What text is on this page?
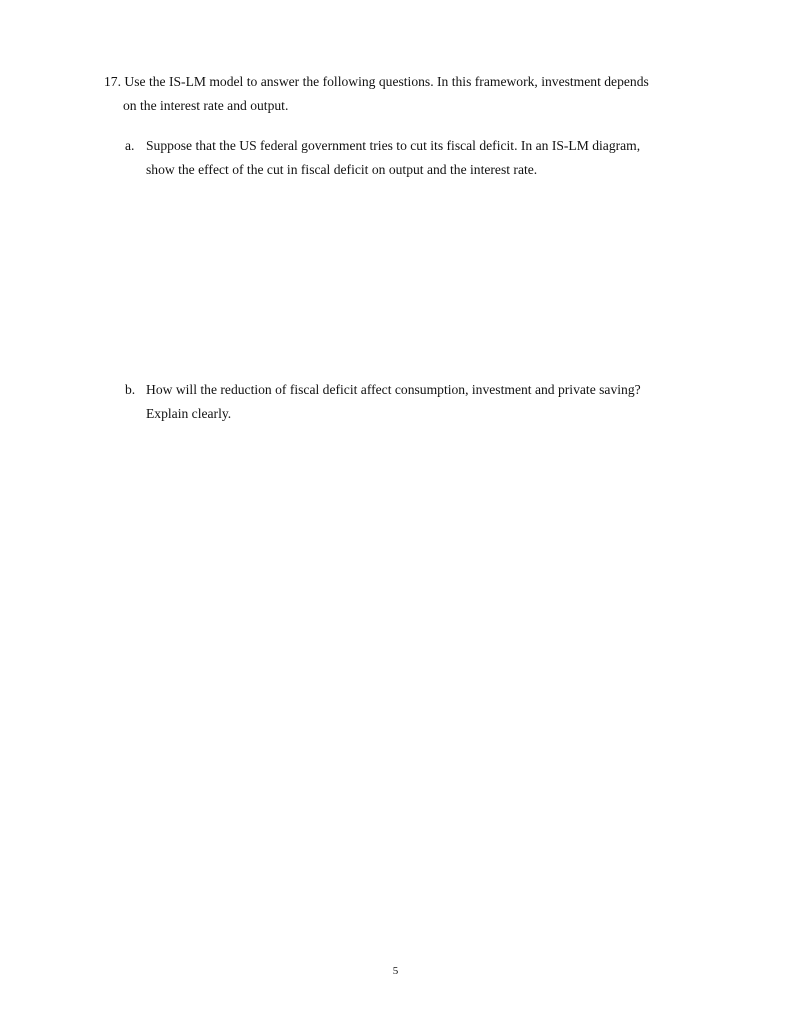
17. Use the IS-LM model to answer the following questions. In this framework, investment depends
on the interest rate and output.
a. Suppose that the US federal government tries to cut its fiscal deficit. In an IS-LM diagram,
show the effect of the cut in fiscal deficit on output and the interest rate.
b. How will the reduction of fiscal deficit affect consumption, investment and private saving?
Explain clearly.
5
